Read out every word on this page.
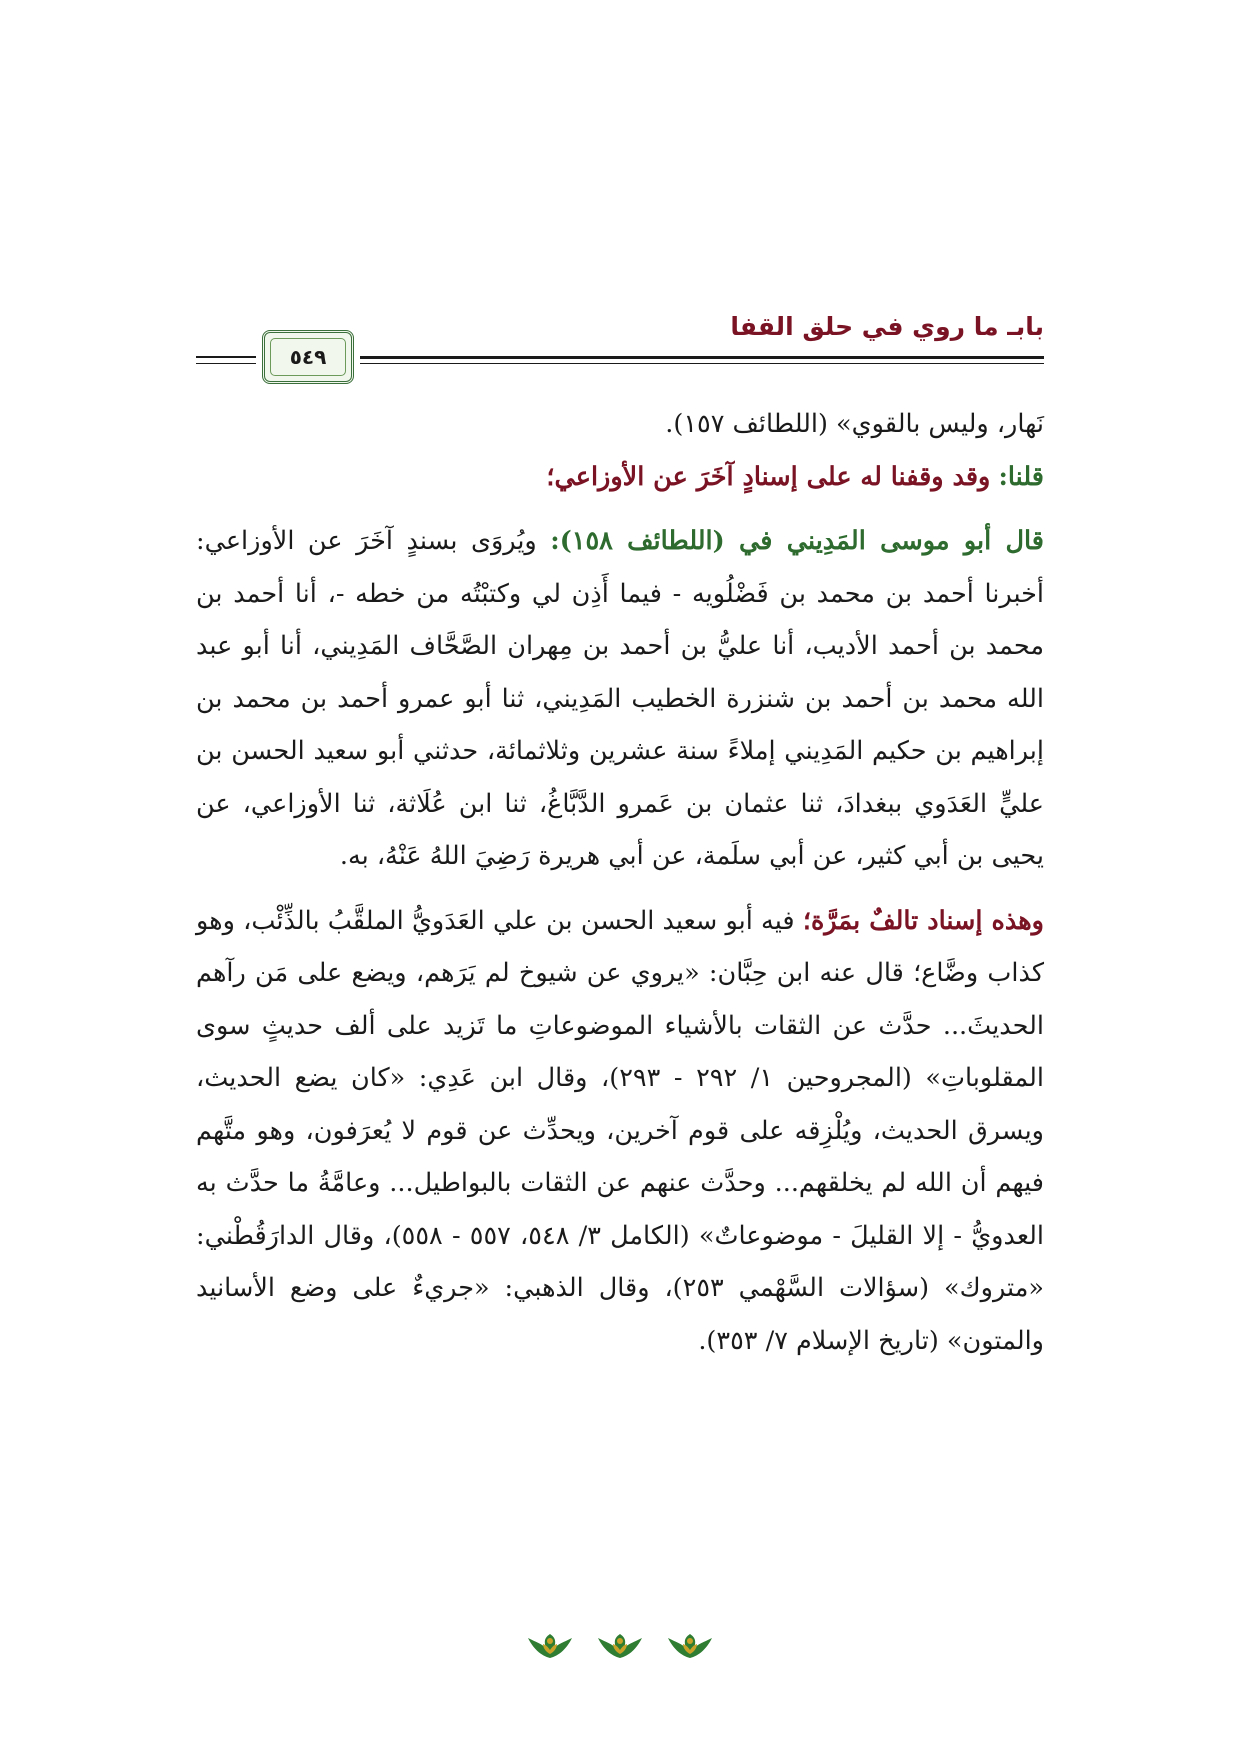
بابـ ما روي في حلق القفا
٥٤٩

نَهار، وليس بالقوي» (اللطائف ١٥٧).

قلنا: وقد وقفنا له على إسنادٍ آخَرَ عن الأوزاعي؛

قال أبو موسى المَدِيني في (اللطائف ١٥٨): ويُروَى بسندٍ آخَرَ عن الأوزاعي: أخبرنا أحمد بن محمد بن فَضْلُويه - فيما أَذِن لي وكتبْتُه من خطه -، أنا أحمد بن محمد بن أحمد الأديب، أنا عليُّ بن أحمد بن مِهران الصَّحَّاف المَدِيني، أنا أبو عبد الله محمد بن أحمد بن شنزرة الخطيب المَدِيني، ثنا أبو عمرو أحمد بن محمد بن إبراهيم بن حكيم المَدِيني إملاءً سنة عشرين وثلاثمائة، حدثني أبو سعيد الحسن بن عليٍّ العَدَوي ببغدادَ، ثنا عثمان بن عَمرو الدَّبَّاغُ، ثنا ابن عُلَاثة، ثنا الأوزاعي، عن يحيى بن أبي كثير، عن أبي سلَمة، عن أبي هريرة رَضِيَ اللهُ عَنْهُ، به.

وهذه إسناد تالفٌ بمَرَّة؛ فيه أبو سعيد الحسن بن علي العَدَويُّ الملقَّبُ بالذِّئْب، وهو كذاب وضَّاع؛ قال عنه ابن حِبَّان: «يروي عن شيوخ لم يَرَهم، ويضع على مَن رآهم الحديثَ... حدَّث عن الثقات بالأشياء الموضوعاتِ ما تَزيد على ألف حديثٍ سوى المقلوباتِ» (المجروحين ١/ ٢٩٢ - ٢٩٣)، وقال ابن عَدِي: «كان يضع الحديث، ويسرق الحديث، ويُلْزِقه على قوم آخرين، ويحدِّث عن قوم لا يُعرَفون، وهو متَّهم فيهم أن الله لم يخلقهم... وحدَّث عنهم عن الثقات بالبواطيل... وعامَّةُ ما حدَّث به العدويُّ - إلا القليلَ - موضوعاتٌ» (الكامل ٣/ ٥٤٨، ٥٥٧ - ٥٥٨)، وقال الدارَقُطْني: «متروك» (سؤالات السَّهْمي ٢٥٣)، وقال الذهبي: «جريءٌ على وضع الأسانيد والمتون» (تاريخ الإسلام ٧/ ٣٥٣).
